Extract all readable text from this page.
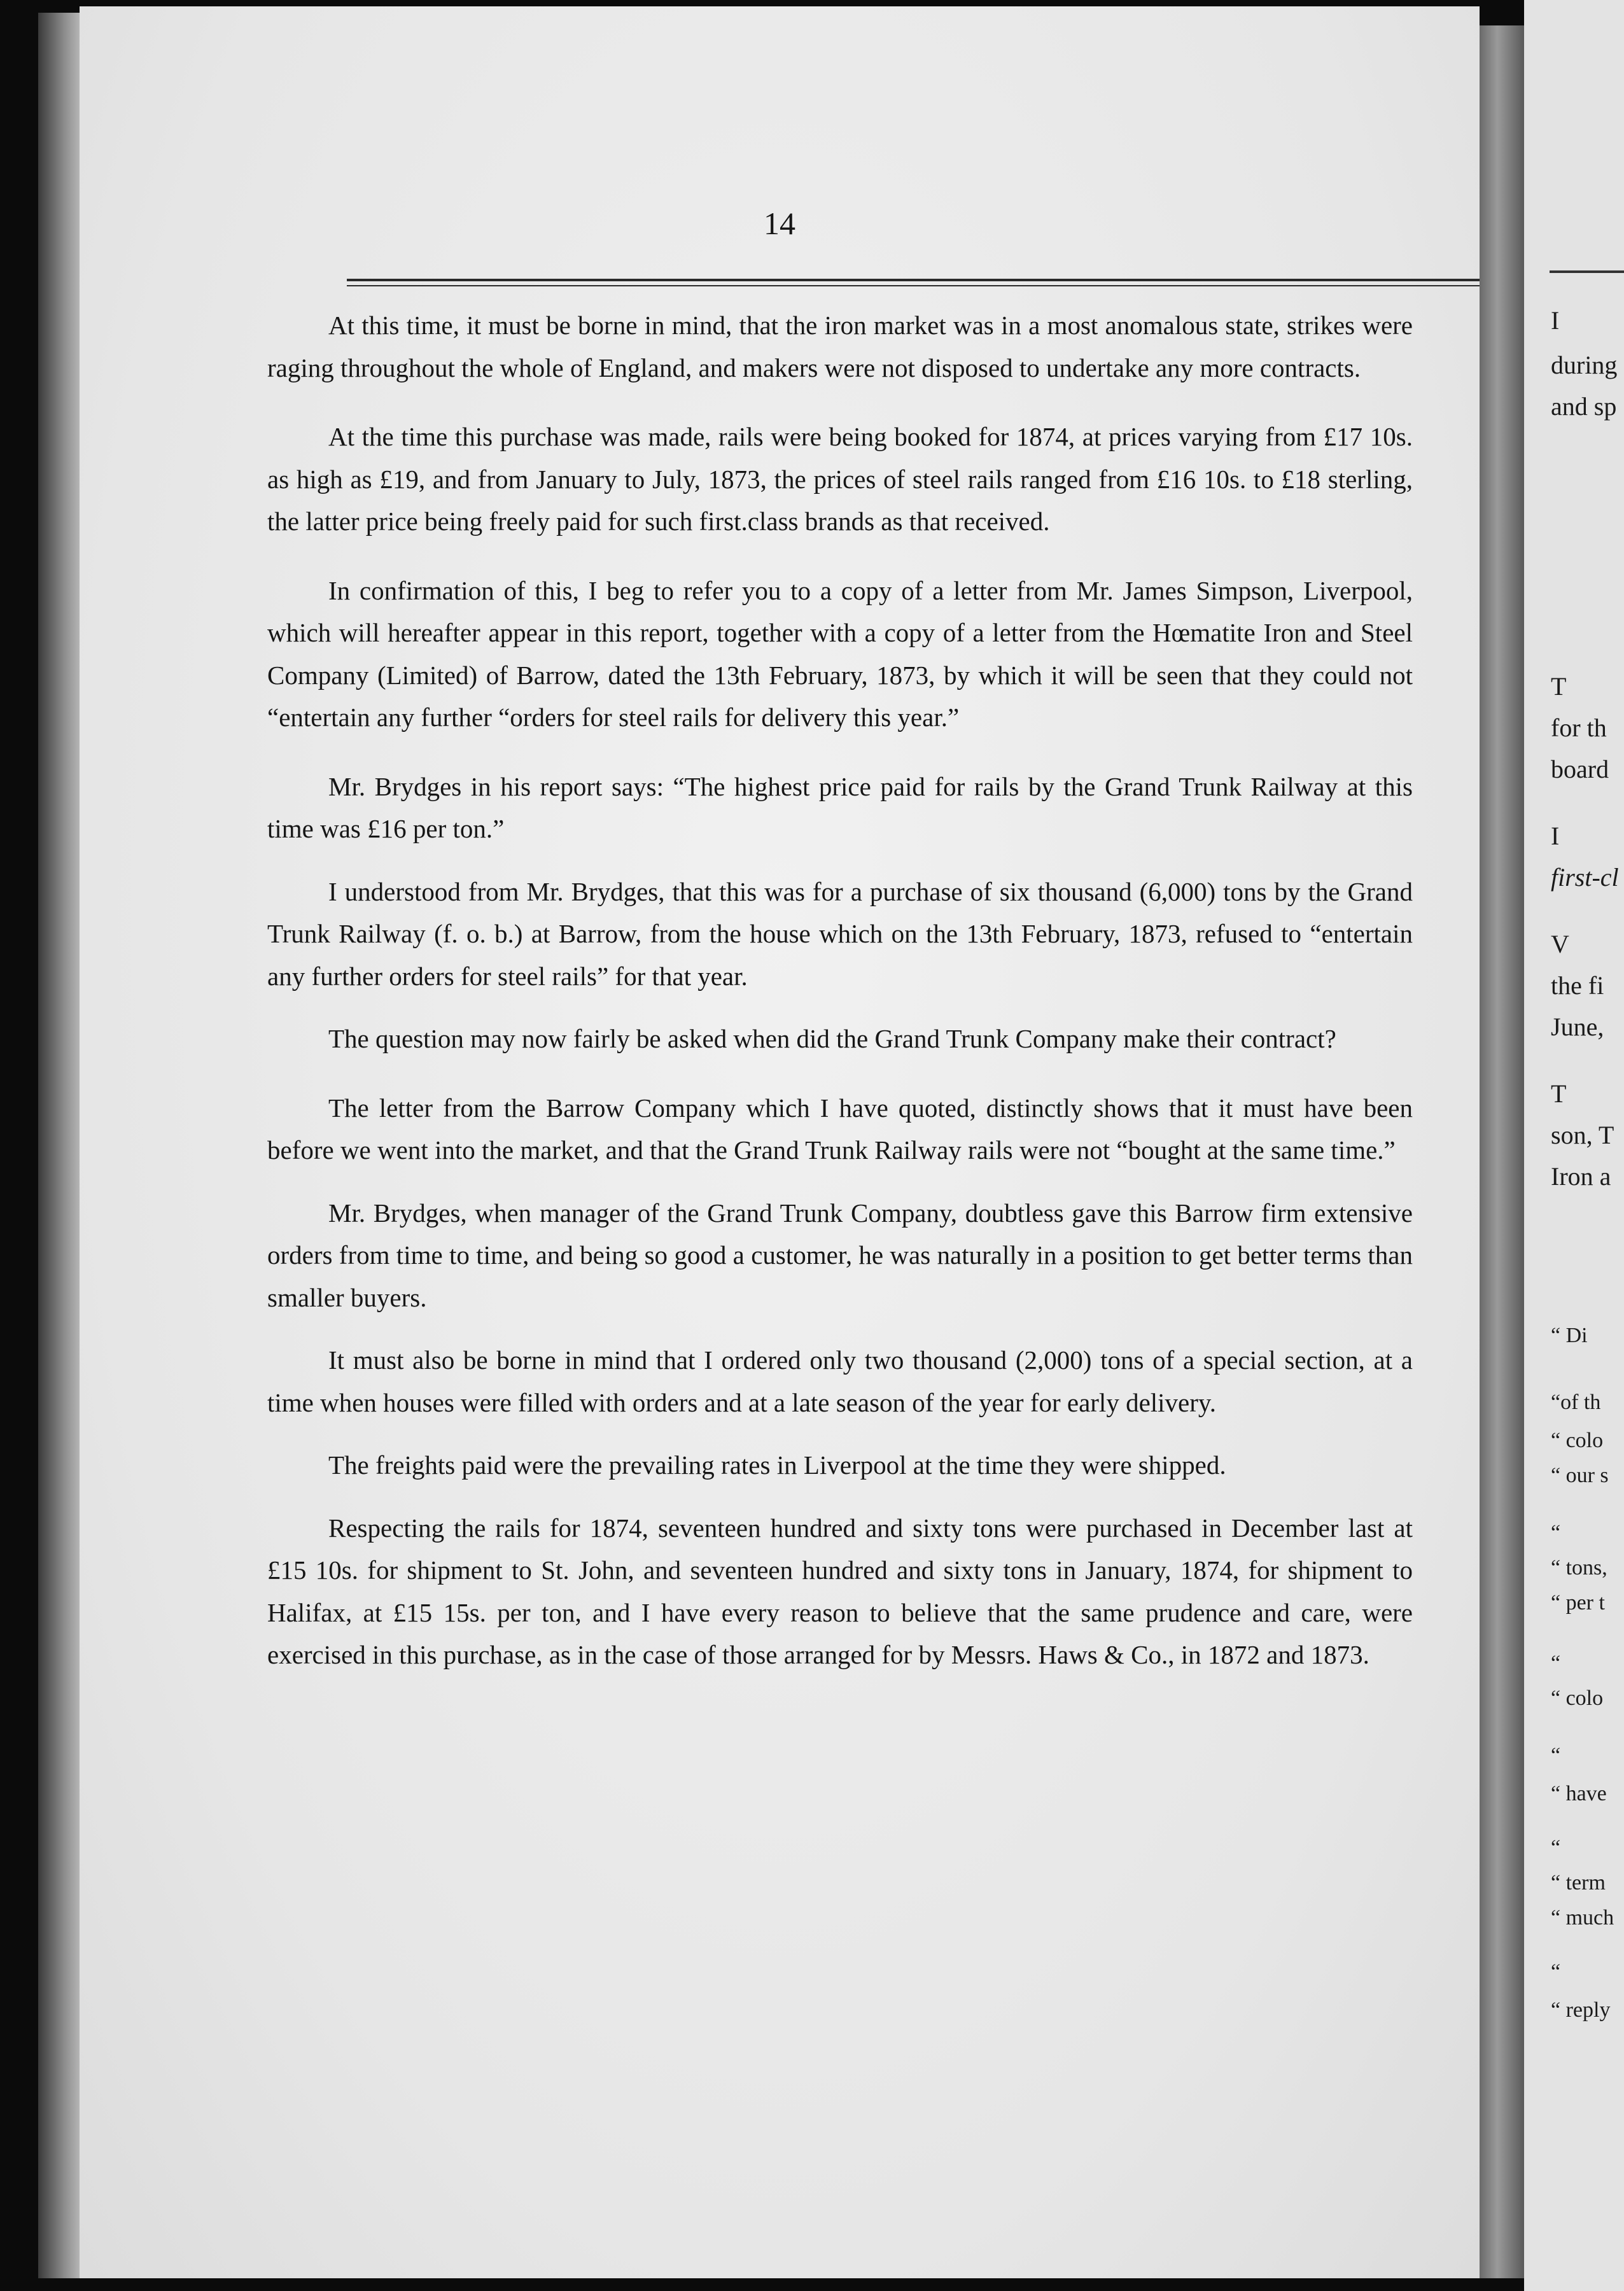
14

At this time, it must be borne in mind, that the iron market was in a most anomalous state, strikes were raging throughout the whole of England, and makers were not disposed to undertake any more contracts.

At the time this purchase was made, rails were being booked for 1874, at prices varying from £17 10s. as high as £19, and from January to July, 1873, the prices of steel rails ranged from £16 10s. to £18 sterling, the latter price being freely paid for such first.class brands as that received.

In confirmation of this, I beg to refer you to a copy of a letter from Mr. James Simpson, Liverpool, which will hereafter appear in this report, together with a copy of a letter from the Hœmatite Iron and Steel Company (Limited) of Barrow, dated the 13th February, 1873, by which it will be seen that they could not “entertain any further “orders for steel rails for delivery this year.”

Mr. Brydges in his report says: “The highest price paid for rails by the Grand Trunk Railway at this time was £16 per ton.”

I understood from Mr. Brydges, that this was for a purchase of six thousand (6,000) tons by the Grand Trunk Railway (f. o. b.) at Barrow, from the house which on the 13th February, 1873, refused to “entertain any further orders for steel rails” for that year.

The question may now fairly be asked when did the Grand Trunk Company make their contract?

The letter from the Barrow Company which I have quoted, distinctly shows that it must have been before we went into the market, and that the Grand Trunk Railway rails were not “bought at the same time.”

Mr. Brydges, when manager of the Grand Trunk Company, doubtless gave this Barrow firm extensive orders from time to time, and being so good a customer, he was naturally in a position to get better terms than smaller buyers.

It must also be borne in mind that I ordered only two thousand (2,000) tons of a special section, at a time when houses were filled with orders and at a late season of the year for early delivery.

The freights paid were the prevailing rates in Liverpool at the time they were shipped.

Respecting the rails for 1874, seventeen hundred and sixty tons were purchased in December last at £15 10s. for shipment to St. John, and seventeen hundred and sixty tons in January, 1874, for shipment to Halifax, at £15 15s. per ton, and I have every reason to believe that the same prudence and care, were exercised in this purchase, as in the case of those arranged for by Messrs. Haws & Co., in 1872 and 1873.

I
during
and sp
T
for th
board
I
first-cl
V
the fi
June,
T
son, T
Iron a
“ Di
“of th
“ colo
“ our s
“
“ tons,
“ per t
“
“ colo
“
“ have
“
“ term
“ much
“
“ reply
